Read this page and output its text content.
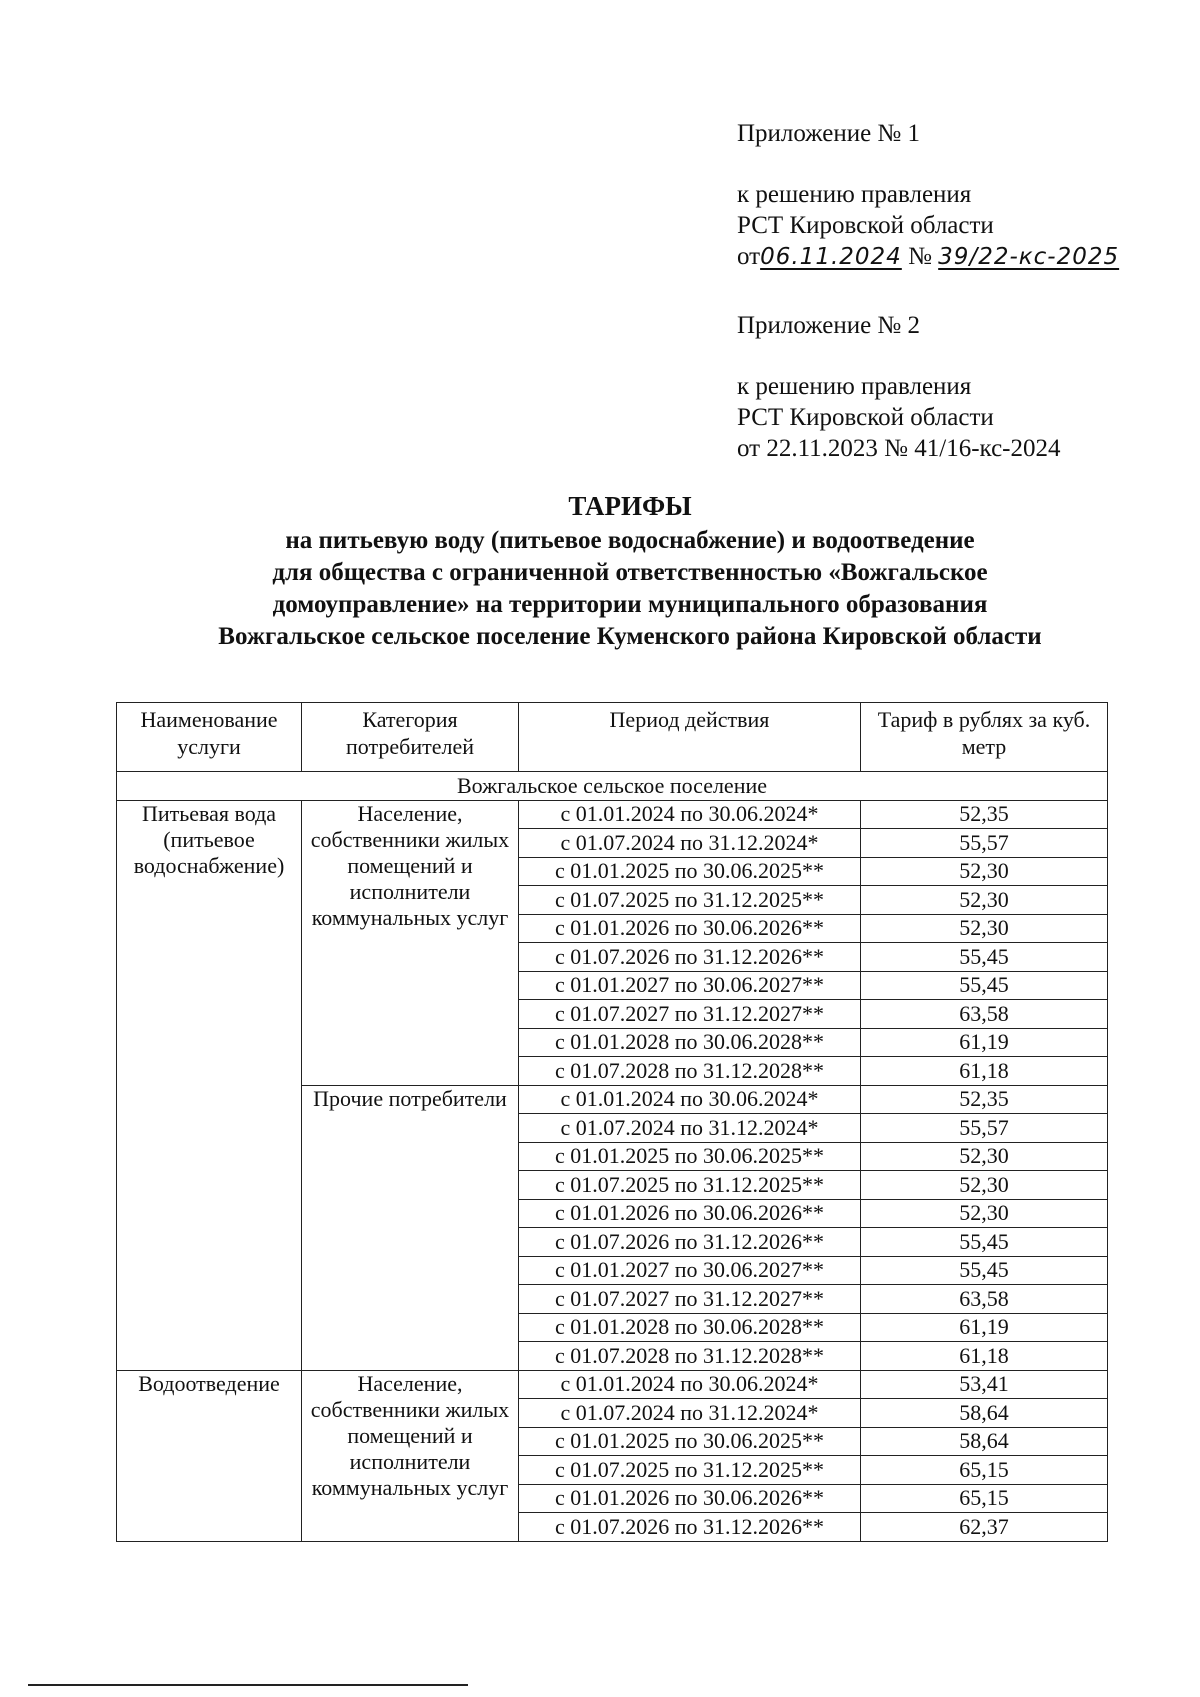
Приложение № 1
к решению правления
РСТ Кировской области
от06.11.2024 № 39/22-кс-2025
Приложение № 2
к решению правления
РСТ Кировской области
от 22.11.2023 № 41/16-кс-2024
ТАРИФЫ
на питьевую воду (питьевое водоснабжение) и водоотведение
для общества с ограниченной ответственностью «Вожгальское
домоуправление» на территории муниципального образования
Вожгальское сельское поселение Куменского района Кировской области
Наименование услуги	Категория потребителей	Период действия	Тариф в рублях за куб. метр
Вожгальское сельское поселение			
Питьевая вода (питьевое водоснабжение)	Население, собственники жилых помещений и исполнители коммунальных услуг	с 01.01.2024 по 30.06.2024*	52,35
		с 01.07.2024 по 31.12.2024*	55,57
		с 01.01.2025 по 30.06.2025**	52,30
		с 01.07.2025 по 31.12.2025**	52,30
		с 01.01.2026 по 30.06.2026**	52,30
		с 01.07.2026 по 31.12.2026**	55,45
		с 01.01.2027 по 30.06.2027**	55,45
		с 01.07.2027 по 31.12.2027**	63,58
		с 01.01.2028 по 30.06.2028**	61,19
		с 01.07.2028 по 31.12.2028**	61,18
	Прочие потребители	с 01.01.2024 по 30.06.2024*	52,35
		с 01.07.2024 по 31.12.2024*	55,57
		с 01.01.2025 по 30.06.2025**	52,30
		с 01.07.2025 по 31.12.2025**	52,30
		с 01.01.2026 по 30.06.2026**	52,30
		с 01.07.2026 по 31.12.2026**	55,45
		с 01.01.2027 по 30.06.2027**	55,45
		с 01.07.2027 по 31.12.2027**	63,58
		с 01.01.2028 по 30.06.2028**	61,19
		с 01.07.2028 по 31.12.2028**	61,18
Водоотведение	Население, собственники жилых помещений и исполнители коммунальных услуг	с 01.01.2024 по 30.06.2024*	53,41
		с 01.07.2024 по 31.12.2024*	58,64
		с 01.01.2025 по 30.06.2025**	58,64
		с 01.07.2025 по 31.12.2025**	65,15
		с 01.01.2026 по 30.06.2026**	65,15
		с 01.07.2026 по 31.12.2026**	62,37
